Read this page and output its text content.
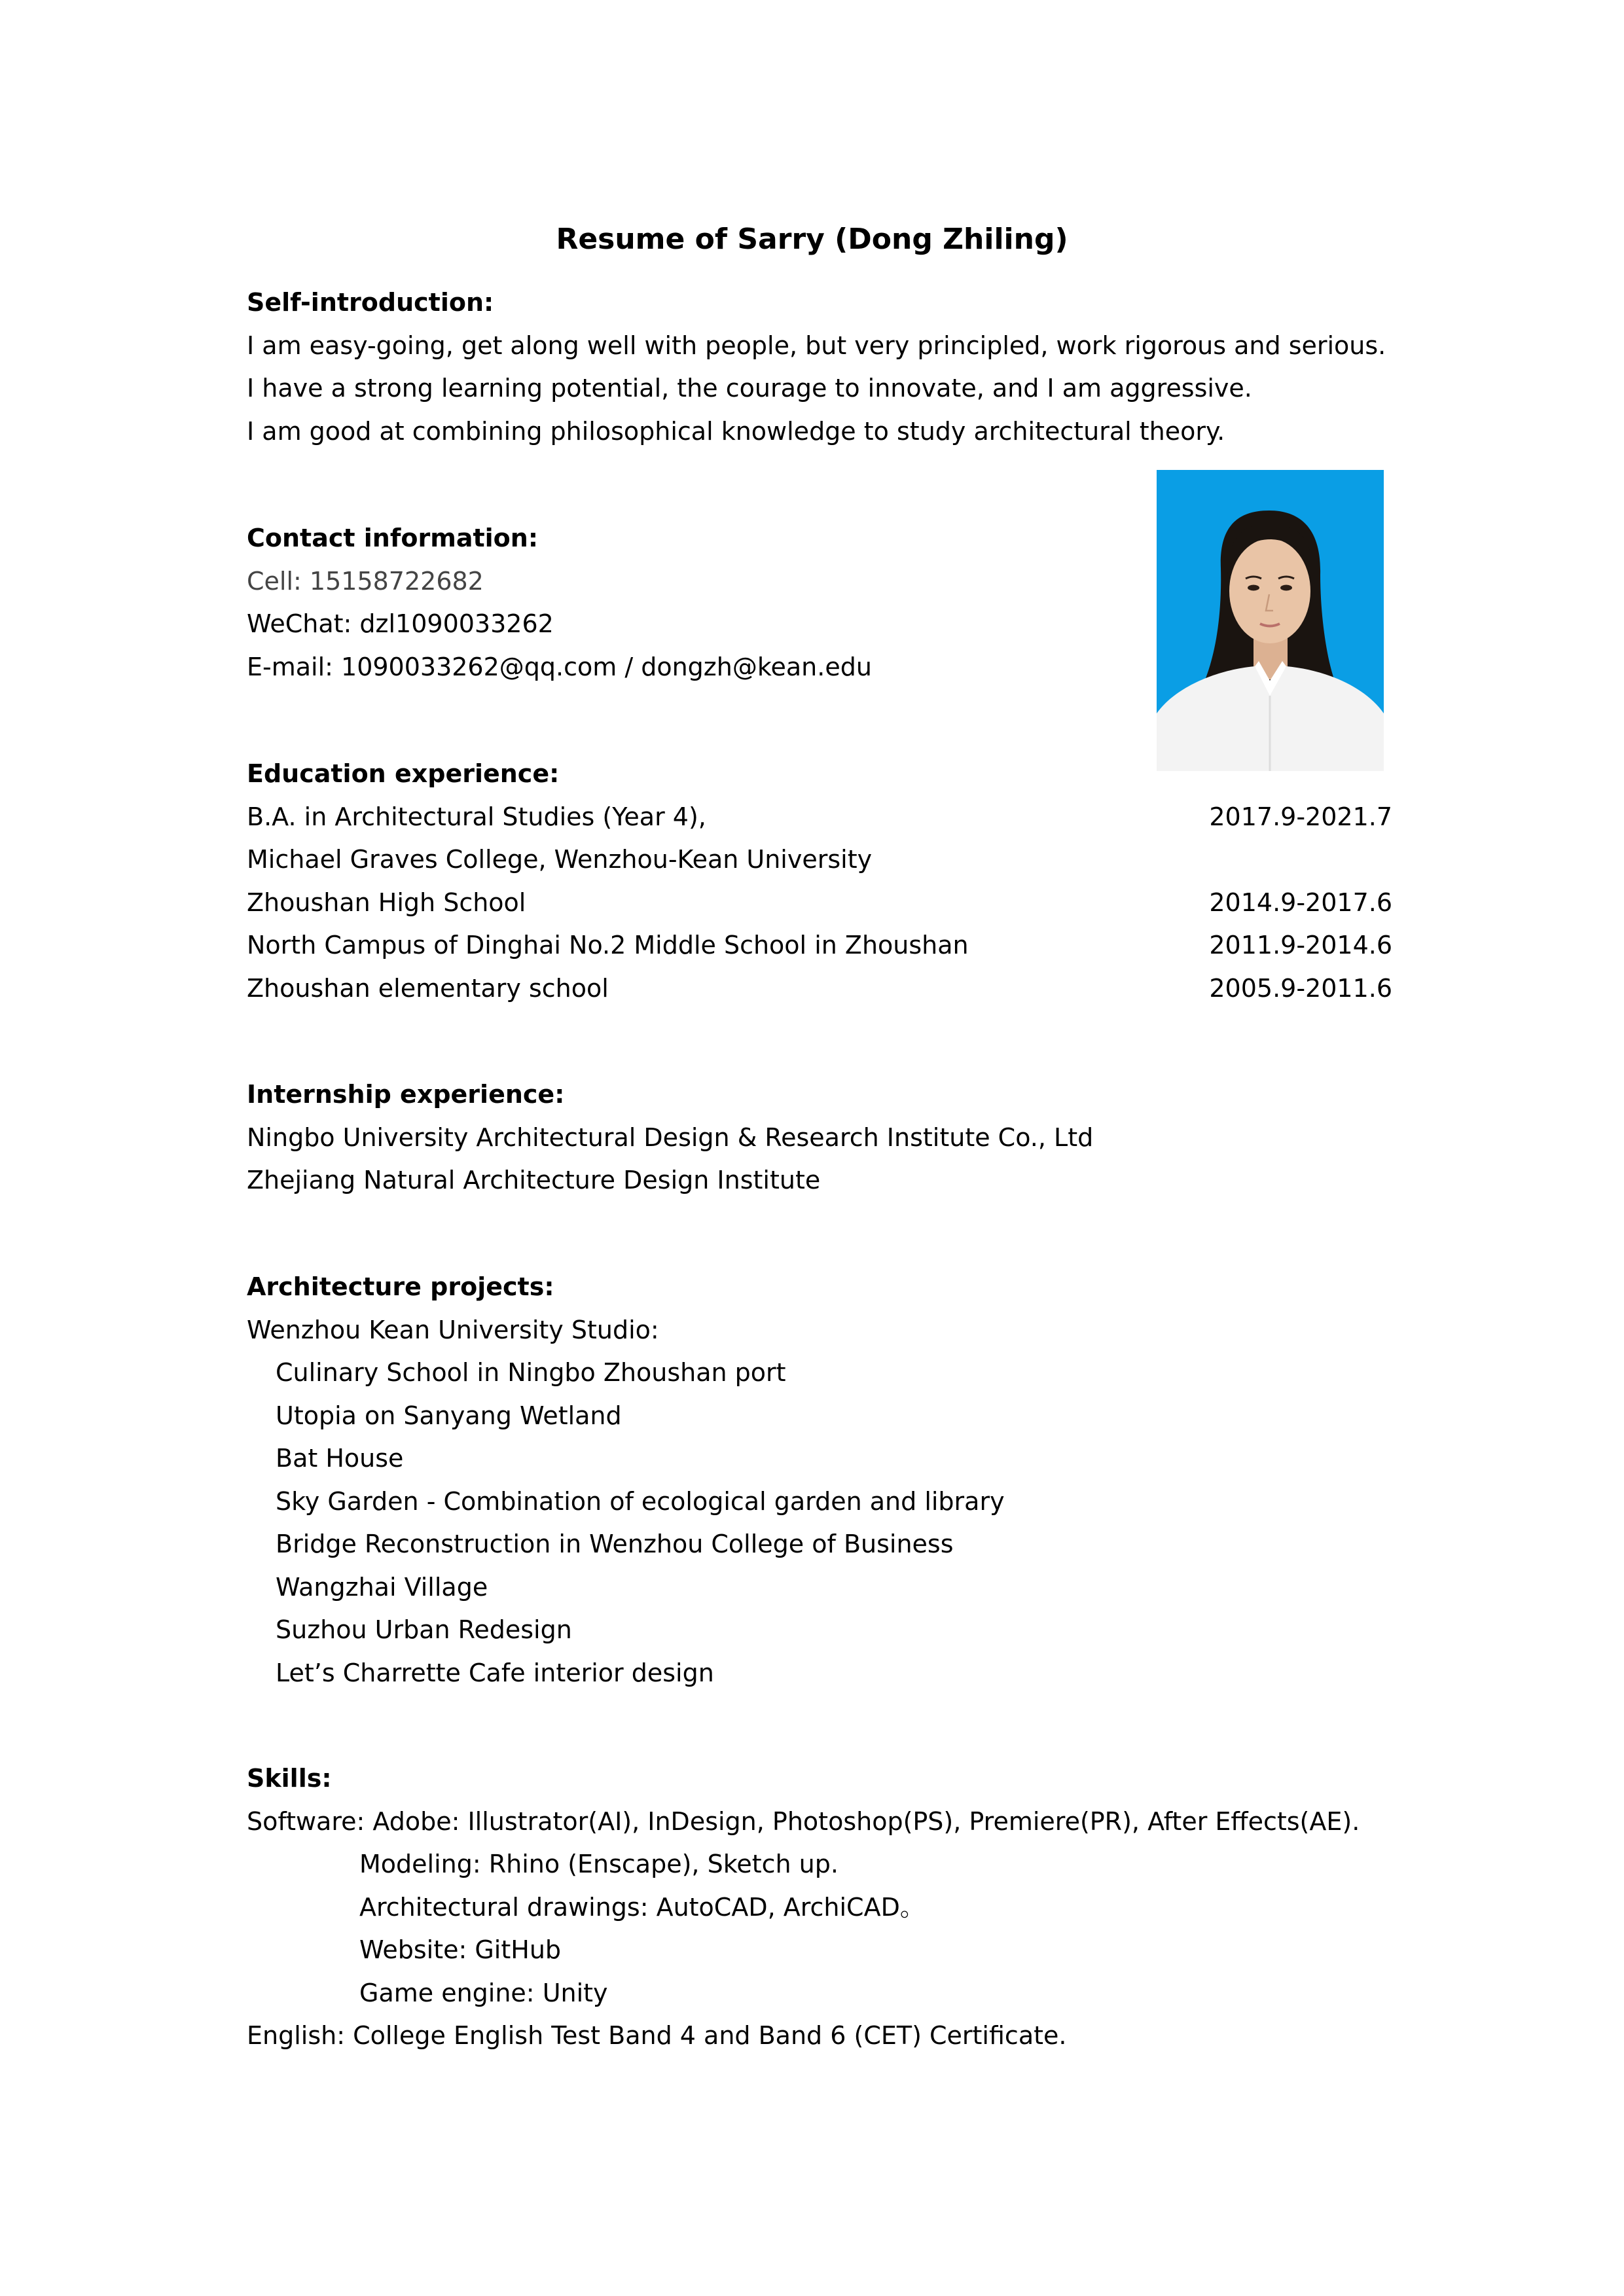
Resume of Sarry (Dong Zhiling)
Self-introduction:
I am easy-going, get along well with people, but very principled, work rigorous and serious.
I have a strong learning potential, the courage to innovate, and I am aggressive.
I am good at combining philosophical knowledge to study architectural theory.
Contact information:
Cell: 15158722682
WeChat: dzl1090033262
E-mail: 1090033262@qq.com / dongzh@kean.edu
Education experience:
B.A. in Architectural Studies (Year 4),	2017.9-2021.7
Michael Graves College, Wenzhou-Kean University
Zhoushan High School	2014.9-2017.6
North Campus of Dinghai No.2 Middle School in Zhoushan	2011.9-2014.6
Zhoushan elementary school	2005.9-2011.6
Internship experience:
Ningbo University Architectural Design & Research Institute Co., Ltd
Zhejiang Natural Architecture Design Institute
Architecture projects:
Wenzhou Kean University Studio:
Culinary School in Ningbo Zhoushan port
Utopia on Sanyang Wetland
Bat House
Sky Garden - Combination of ecological garden and library
Bridge Reconstruction in Wenzhou College of Business
Wangzhai Village
Suzhou Urban Redesign
Let’s Charrette Cafe interior design
Skills:
Software: Adobe: Illustrator(AI), InDesign, Photoshop(PS), Premiere(PR), After Effects(AE).
Modeling: Rhino (Enscape), Sketch up.
Architectural drawings: AutoCAD, ArchiCAD。
Website: GitHub
Game engine: Unity
English: College English Test Band 4 and Band 6 (CET) Certificate.
